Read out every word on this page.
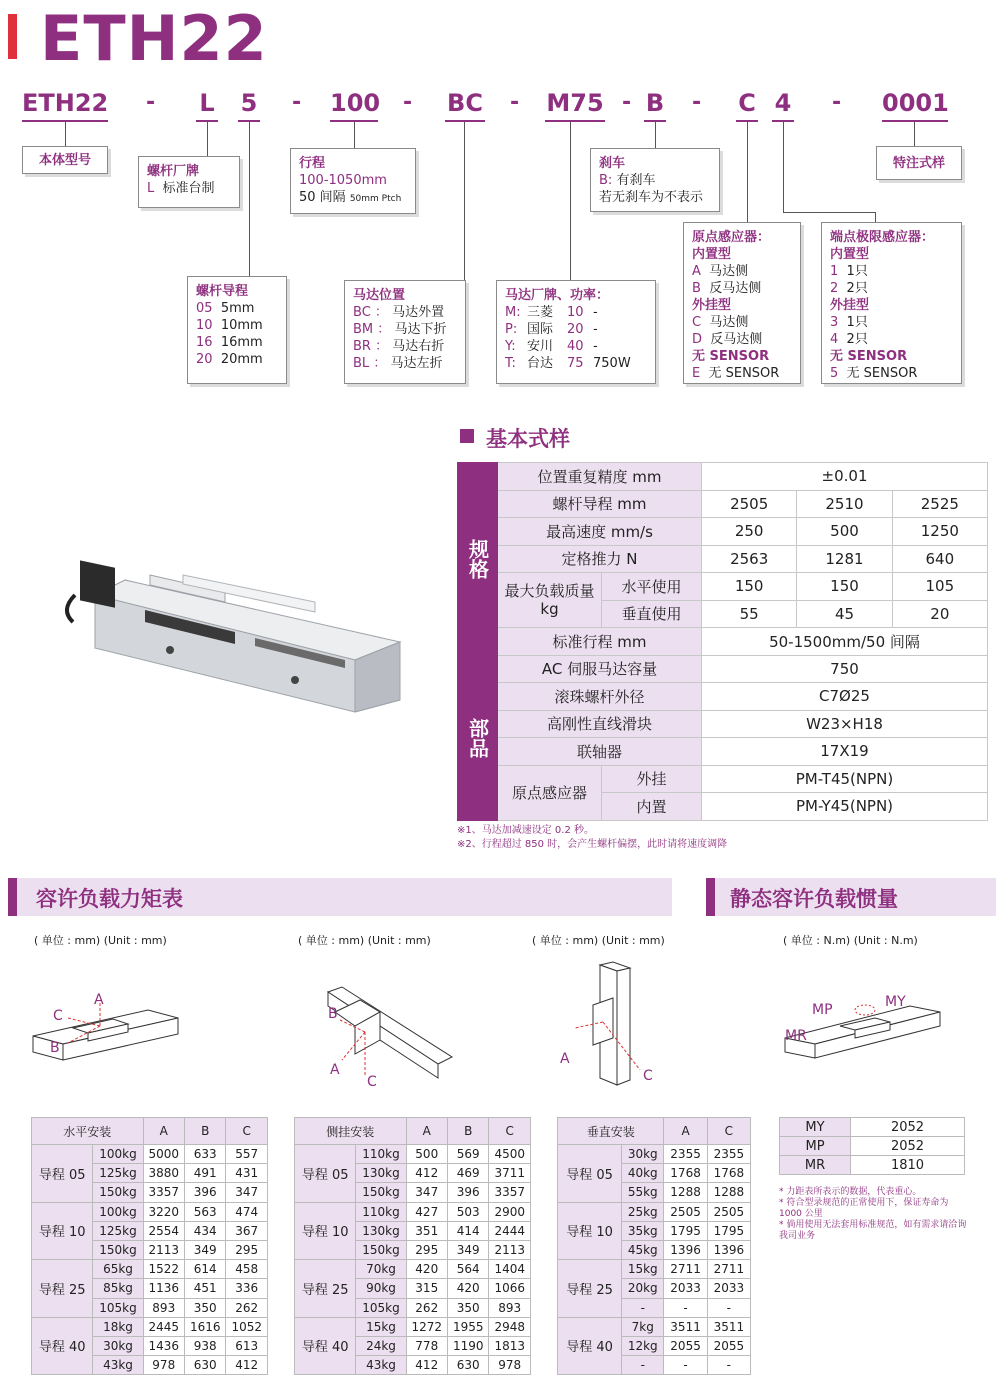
ETH22
ETH22 - L 5 - 100 - BC - M75 - B - C 4 - 0001
本体型号
螺杆厂牌
L 标准台制
行程
100-1050mm
50 间隔 50mm Ptch
刹车
B: 有刹车
若无刹车为不表示
特注式样
螺杆导程
05 5mm
10 10mm
16 16mm
20 20mm
马达位置
BC ： 马达外置
BM ： 马达下折
BR ： 马达右折
BL ： 马达左折
马达厂牌、功率：
M: 三菱 10 -
P: 国际 20 -
Y: 安川 40 -
T: 台达 75 750W
原点感应器：
内置型
A 马达侧
B 反马达侧
外挂型
C 马达侧
D 反马达侧
无 SENSOR
E 无 SENSOR
端点极限感应器：
内置型
1 1只
2 2只
外挂型
3 1只
4 2只
无 SENSOR
5 无 SENSOR
基本式样
规格	位置重复精度 mm		±0.01		
	螺杆导程 mm		2505	2510	2525
	最高速度 mm/s		250	500	1250
	定格推力 N		2563	1281	640
	最大负载质量 kg	水平使用	150	150	105
		垂直使用	55	45	20
	标准行程 mm		50-1500mm/50 间隔		

部品	AC 伺服马达容量		750		
	滚珠螺杆外径		C7Ø25		
	高刚性直线滑块		W23×H18		
	联轴器		17X19		
	原点感应器	外挂	PM-T45(NPN)		
		内置	PM-Y45(NPN)		
※1、马达加减速设定 0.2 秒。
※2、行程超过 850 时，会产生螺杆偏摆，此时请将速度调降
容许负载力矩表	静态容许负载惯量
( 单位 : mm) (Unit : mm)	( 单位 : mm) (Unit : mm)	( 单位 : mm) (Unit : mm)	( 单位 : N.m) (Unit : N.m)
A
B
C
A
B
C
A
C
MY
MP
MR
水平安装		A	B	C
导程 05	100kg	5000	633	557
	125kg	3880	491	431
	150kg	3357	396	347
导程 10	100kg	3220	563	474
	125kg	2554	434	367
	150kg	2113	349	295
导程 25	65kg	1522	614	458
	85kg	1136	451	336
	105kg	893	350	262
导程 40	18kg	2445	1616	1052
	30kg	1436	938	613
	43kg	978	630	412
侧挂安装		A	B	C
导程 05	110kg	500	569	4500
	130kg	412	469	3711
	150kg	347	396	3357
导程 10	110kg	427	503	2900
	130kg	351	414	2444
	150kg	295	349	2113
导程 25	70kg	420	564	1404
	90kg	315	420	1066
	105kg	262	350	893
导程 40	15kg	1272	1955	2948
	24kg	778	1190	1813
	43kg	412	630	978
垂直安装		A	C
导程 05	30kg	2355	2355
	40kg	1768	1768
	55kg	1288	1288
导程 10	25kg	2505	2505
	35kg	1795	1795
	45kg	1396	1396
导程 25	15kg	2711	2711
	20kg	2033	2033
	-	-	-
导程 40	7kg	3511	3511
	12kg	2055	2055
	-	-	-
MY	2052
MP	2052
MR	1810
* 力距表所表示的数据，代表重心。
* 符合型录规范的正常使用下，保证寿命为 1000 公里
* 倘用使用无法套用标准规范，如有需求请洽询我司业务
